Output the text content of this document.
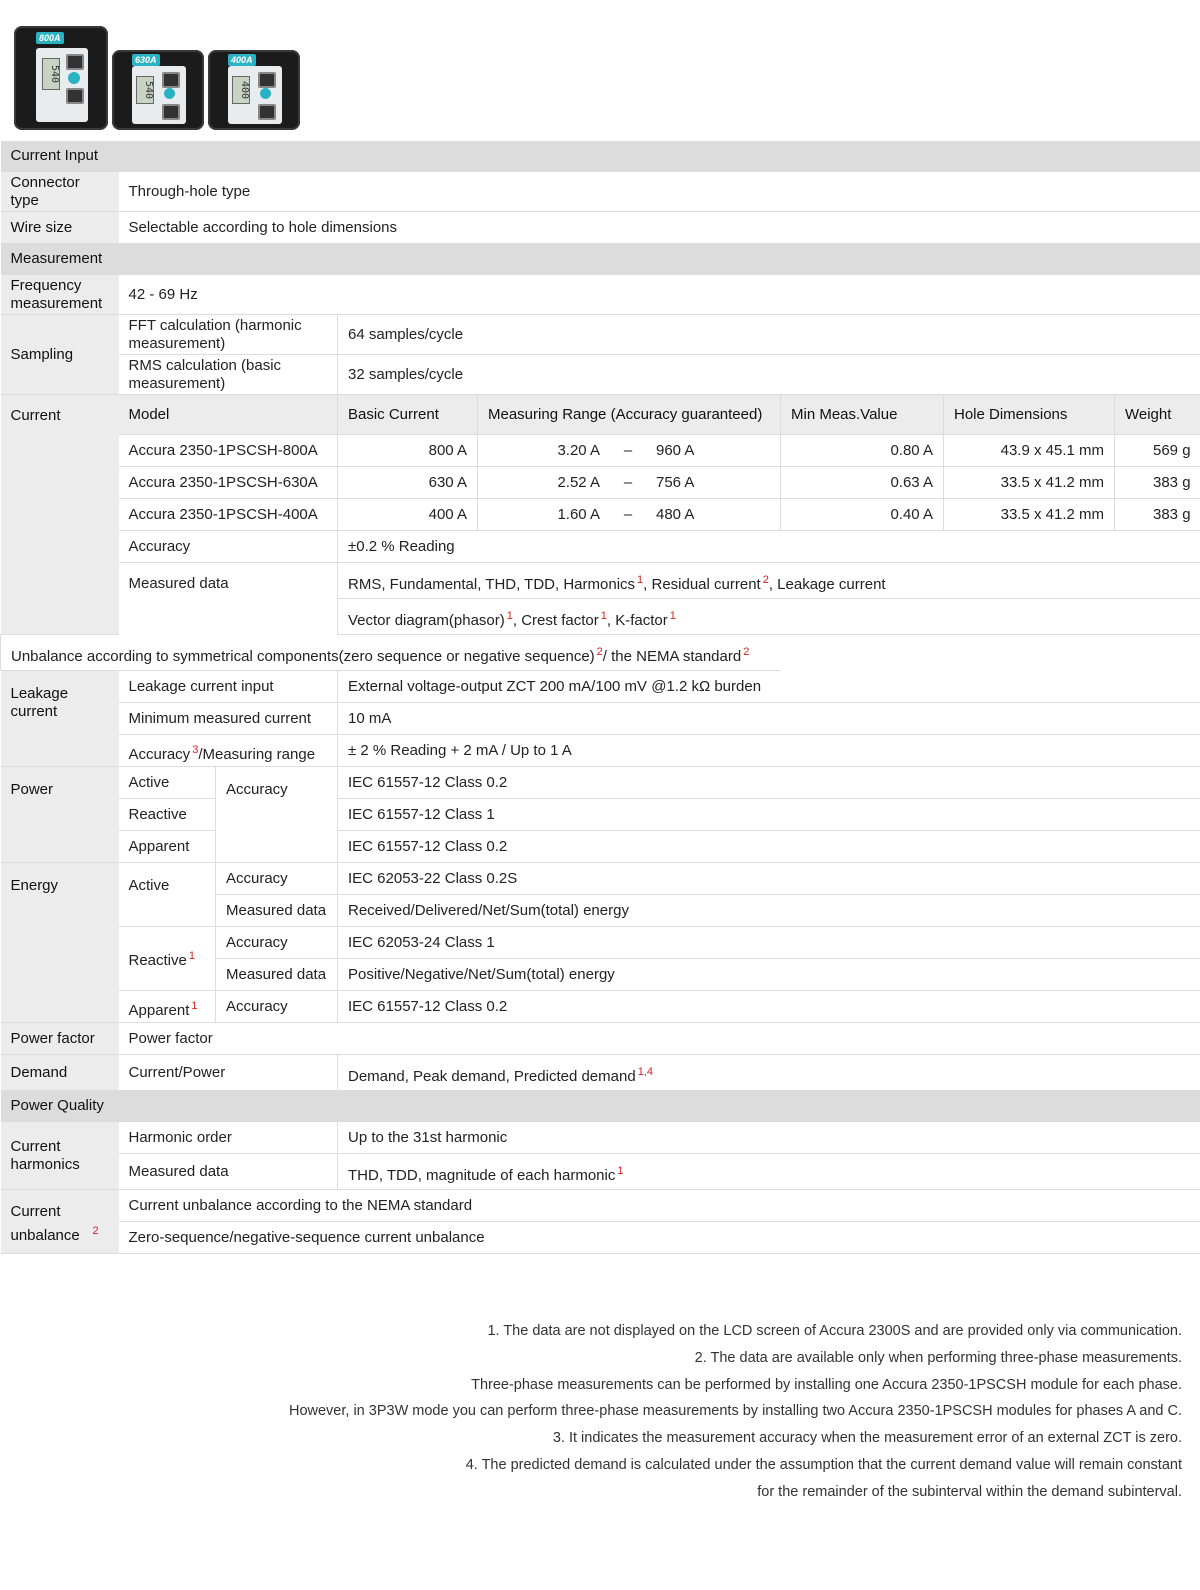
800A
540
630A
540
400A
400
Current Input							
Connector type	Through-hole type						
Wire size	Selectable according to hole dimensions						
Measurement							
Frequency measurement	42 - 69 Hz						
Sampling	FFT calculation (harmonic measurement)		64 samples/cycle				
	RMS calculation (basic measurement)		32 samples/cycle				
Current	Model		Basic Current	Measuring Range (Accuracy guaranteed)	Min Meas.Value	Hole Dimensions	Weight
	Accura 2350-1PSCSH-800A		800 A	3.20 A – 960 A	0.80 A	43.9 x 45.1 mm	569 g
	Accura 2350-1PSCSH-630A		630 A	2.52 A – 756 A	0.63 A	33.5 x 41.2 mm	383 g
	Accura 2350-1PSCSH-400A		400 A	1.60 A – 480 A	0.40 A	33.5 x 41.2 mm	383 g
	Accuracy		±0.2 % Reading				
	Measured data		RMS, Fundamental, THD, TDD, Harmonics $^1$, Residual current $^2$, Leakage current				
			Vector diagram(phasor) $^1$, Crest factor $^1$, K-factor $^1$
Unbalance according to symmetrical components(zero sequence or negative sequence) $^2$/ the NEMA standard $^2$
Leakage current	Leakage current input		External voltage-output ZCT 200 mA/100 mV @1.2 kΩ burden				
	Minimum measured current		10 mA				
	Accuracy $^3$/Measuring range		± 2 % Reading + 2 mA / Up to 1 A				
Power	Active	Accuracy	IEC 61557-12 Class 0.2				
	Reactive		IEC 61557-12 Class 1				
	Apparent		IEC 61557-12 Class 0.2				
Energy	Active	Accuracy	IEC 62053-22 Class 0.2S				
		Measured data	Received/Delivered/Net/Sum(total) energy				
	Reactive $^1$	Accuracy	IEC 62053-24 Class 1				
		Measured data	Positive/Negative/Net/Sum(total) energy				
	Apparent $^1$	Accuracy	IEC 61557-12 Class 0.2				
Power factor	Power factor						
Demand	Current/Power		Demand, Peak demand, Predicted demand $^{1,4}$
Power Quality							
Current harmonics	Harmonic order		Up to the 31st harmonic				
	Measured data		THD, TDD, magnitude of each harmonic $^1$
Current unbalance $^2$	Current unbalance according to the NEMA standard						
	Zero-sequence/negative-sequence current unbalance						
1. The data are not displayed on the LCD screen of Accura 2300S and are provided only via communication.
2. The data are available only when performing three-phase measurements.
Three-phase measurements can be performed by installing one Accura 2350-1PSCSH module for each phase.
However, in 3P3W mode you can perform three-phase measurements by installing two Accura 2350-1PSCSH modules for phases A and C.
3. It indicates the measurement accuracy when the measurement error of an external ZCT is zero.
4. The predicted demand is calculated under the assumption that the current demand value will remain constant
for the remainder of the subinterval within the demand subinterval.
